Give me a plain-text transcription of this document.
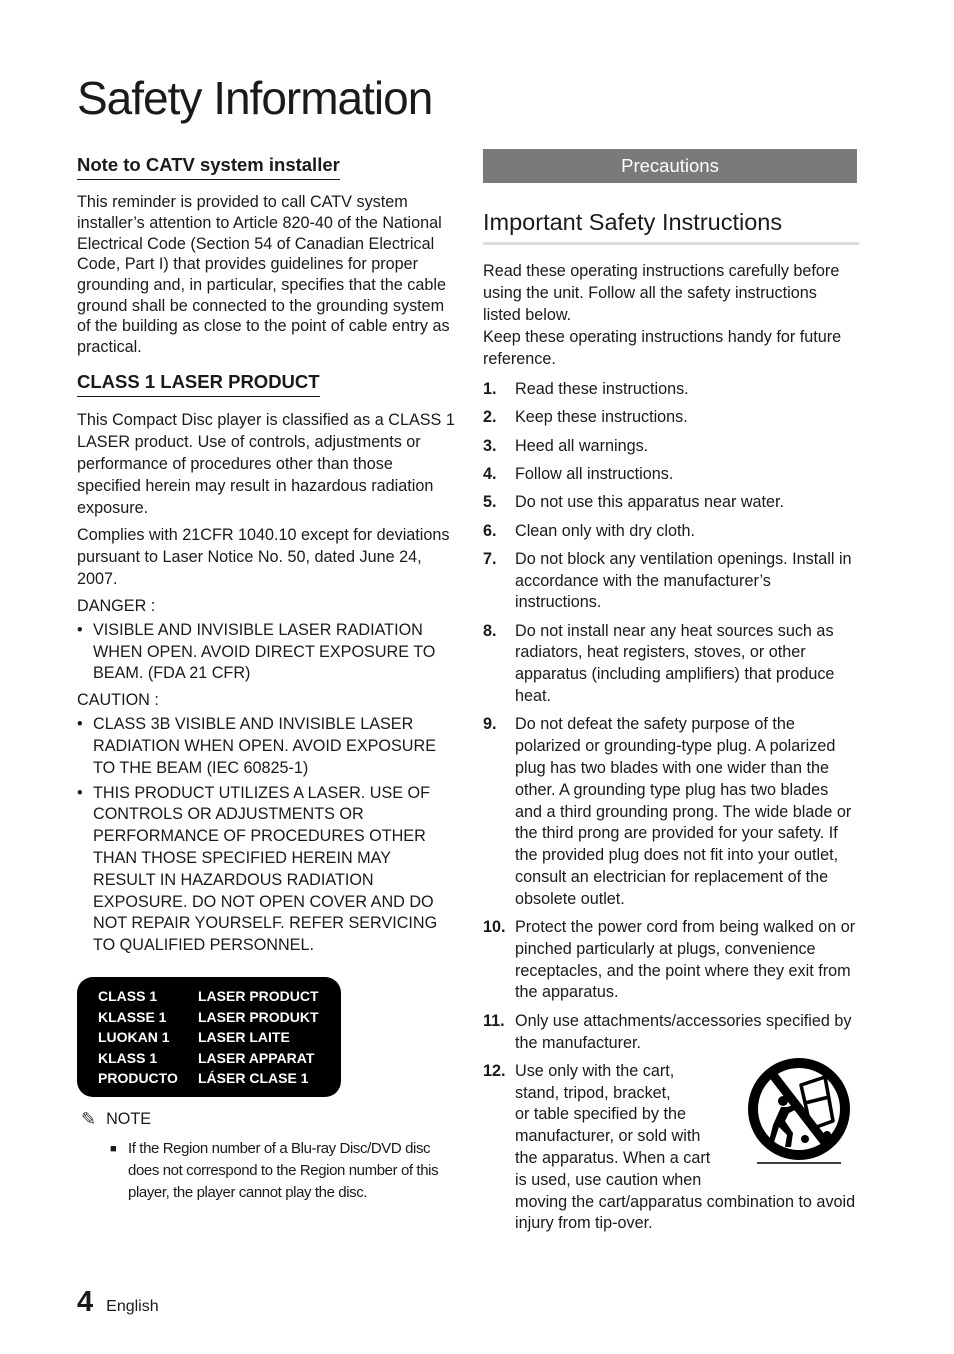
Safety Information
Note to CATV system installer

This reminder is provided to call CATV system installer’s attention to Article 820-40 of the National Electrical Code (Section 54 of Canadian Electrical Code, Part I) that provides guidelines for proper grounding and, in particular, specifies that the cable ground shall be connected to the grounding system of the building as close to the point of cable entry as practical.

CLASS 1 LASER PRODUCT

This Compact Disc player is classified as a CLASS 1 LASER product. Use of controls, adjustments or performance of procedures other than those specified herein may result in hazardous radiation exposure.

Complies with 21CFR 1040.10 except for deviations pursuant to Laser Notice No. 50, dated June 24, 2007.

DANGER :

• VISIBLE AND INVISIBLE LASER RADIATION WHEN OPEN. AVOID DIRECT EXPOSURE TO BEAM. (FDA 21 CFR)

CAUTION :

• CLASS 3B VISIBLE AND INVISIBLE LASER RADIATION WHEN OPEN. AVOID EXPOSURE TO THE BEAM (IEC 60825-1)
• THIS PRODUCT UTILIZES A LASER. USE OF CONTROLS OR ADJUSTMENTS OR PERFORMANCE OF PROCEDURES OTHER THAN THOSE SPECIFIED HEREIN MAY RESULT IN HAZARDOUS RADIATION EXPOSURE. DO NOT OPEN COVER AND DO NOT REPAIR YOURSELF. REFER SERVICING TO QUALIFIED PERSONNEL.
CLASS 1	LASER PRODUCT
KLASSE 1	LASER PRODUKT
LUOKAN 1	LASER LAITE
KLASS 1	LASER APPARAT
PRODUCTO	LÁSER CLASE 1
✎ NOTE
■ If the Region number of a Blu-ray Disc/DVD disc does not correspond to the Region number of this player, the player cannot play the disc.
Precautions
Important Safety Instructions

Read these operating instructions carefully before using the unit. Follow all the safety instructions listed below.

Keep these operating instructions handy for future reference.

1. Read these instructions.
2. Keep these instructions.
3. Heed all warnings.
4. Follow all instructions.
5. Do not use this apparatus near water.
6. Clean only with dry cloth.
7. Do not block any ventilation openings. Install in accordance with the manufacturer’s instructions.
8. Do not install near any heat sources such as radiators, heat registers, stoves, or other apparatus (including amplifiers) that produce heat.
9. Do not defeat the safety purpose of the polarized or grounding-type plug. A polarized plug has two blades with one wider than the other. A grounding type plug has two blades and a third grounding prong. The wide blade or the third prong are provided for your safety. If the provided plug does not fit into your outlet, consult an electrician for replacement of the obsolete outlet.
10. Protect the power cord from being walked on or pinched particularly at plugs, convenience receptacles, and the point where they exit from the apparatus.
11. Only use attachments/accessories specified by the manufacturer.
12. Use only with the cart,
stand, tripod, bracket,
or table specified by the
manufacturer, or sold with
the apparatus. When a cart
is used, use caution when
moving the cart/apparatus combination to avoid injury from tip-over.
4 English
